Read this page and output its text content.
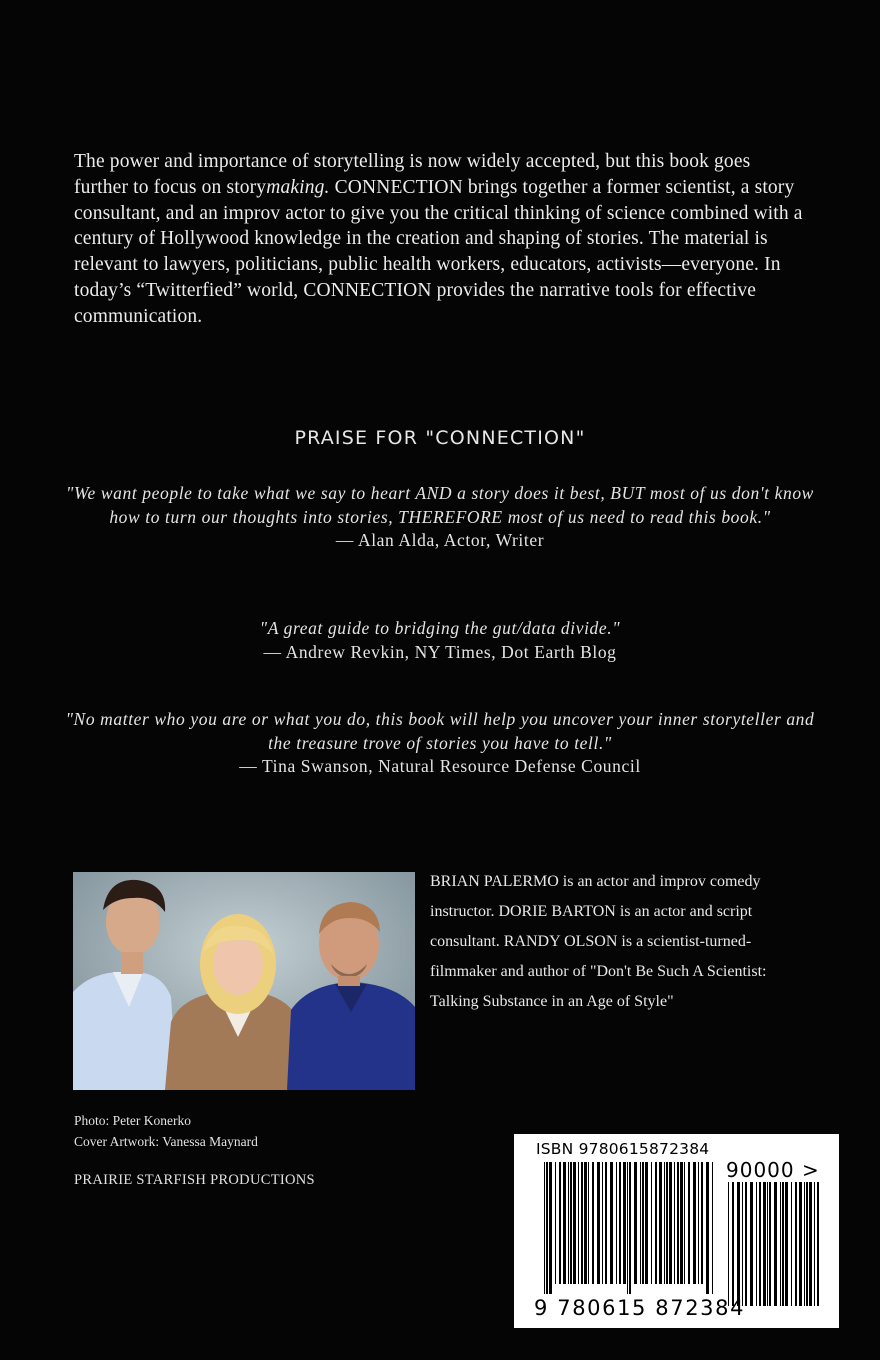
The power and importance of storytelling is now widely accepted, but this book goes further to focus on storymaking. CONNECTION brings together a former scientist, a story consultant, and an improv actor to give you the critical thinking of science combined with a century of Hollywood knowledge in the creation and shaping of stories. The material is relevant to lawyers, politicians, public health workers, educators, activists—everyone. In today’s “Twitterfied” world, CONNECTION provides the narrative tools for effective communication.

PRAISE FOR "CONNECTION"
"We want people to take what we say to heart AND a story does it best, BUT most of us don't know how to turn our thoughts into stories, THEREFORE most of us need to read this book."
— Alan Alda, Actor, Writer
"A great guide to bridging the gut/data divide."
— Andrew Revkin, NY Times, Dot Earth Blog
"No matter who you are or what you do, this book will help you uncover your inner storyteller and the treasure trove of stories you have to tell."
— Tina Swanson, Natural Resource Defense Council
BRIAN PALERMO is an actor and improv comedy instructor. DORIE BARTON is an actor and script consultant. RANDY OLSON is a scientist-turned-filmmaker and author of "Don't Be Such A Scientist: Talking Substance in an Age of Style"
Photo: Peter Konerko
Cover Artwork: Vanessa Maynard
PRAIRIE STARFISH PRODUCTIONS
ISBN 9780615872384
90000 >
9 780615 872384
